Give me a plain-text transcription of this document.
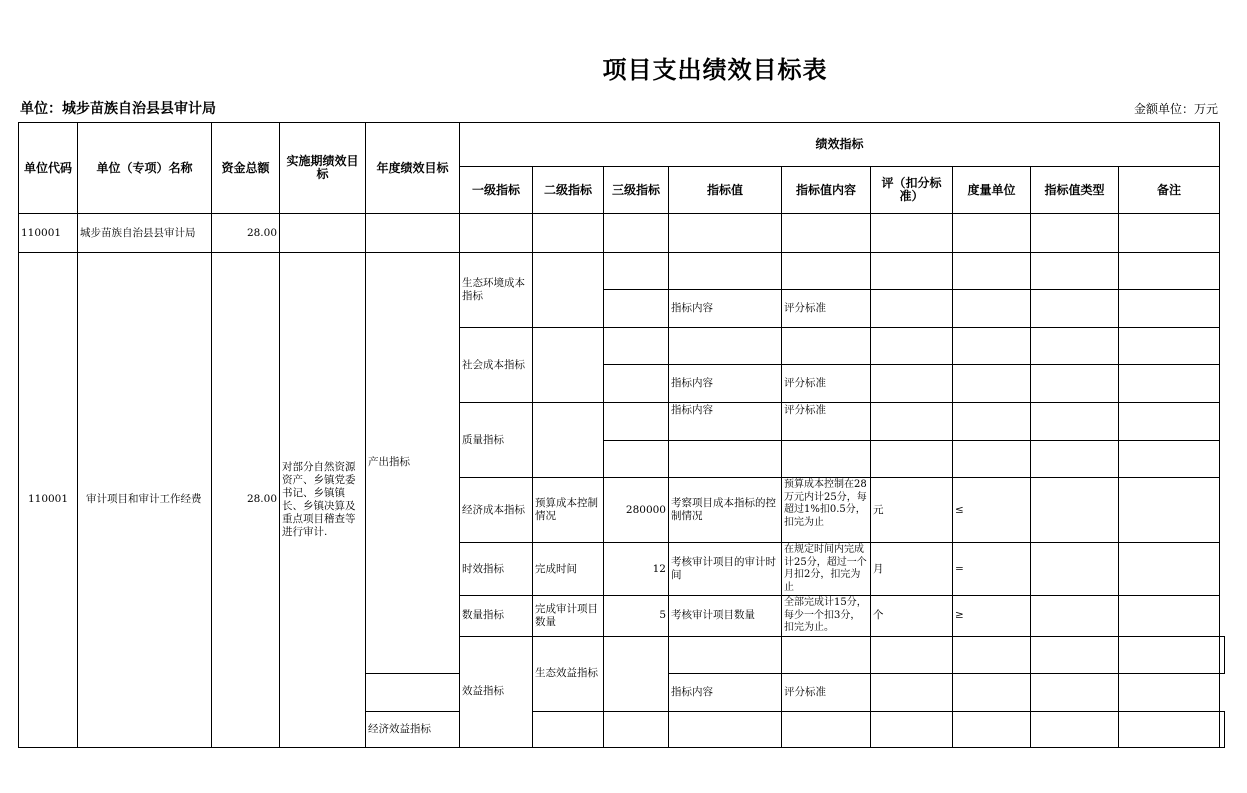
项目支出绩效目标表
单位：城步苗族自治县县审计局	金额单位：万元
单位代码	单位（专项）名称	资金总额	实施期绩效目标	年度绩效目标	绩效指标									
					一级指标	二级指标	三级指标	指标值	指标值内容	评（扣分标准）	度量单位	指标值类型	备注	
110001	城步苗族自治县县审计局	28.00												
110001	审计项目和审计工作经费	28.00	对部分自然资源资产、乡镇党委书记、乡镇镇长、乡镇决算及重点项目稽查等进行审计.	产出指标	生态环境成本指标									
								指标内容	评分标准					
					社会成本指标									
								指标内容	评分标准					
					质量指标			指标内容	评分标准					

					经济成本指标	预算成本控制情况	280000	考察项目成本指标的控制情况	预算成本控制在28万元内计25分，每超过1%扣0.5分，扣完为止	元	≤			
					时效指标	完成时间	12	考核审计项目的审计时间	在规定时间内完成计25分，超过一个月扣2分，扣完为止	月	=			
					数量指标	完成审计项目数量	5	考核审计项目数量	全部完成计15分，每少一个扣3分，扣完为止。	个	≥			
					效益指标	生态效益指标								
								指标内容	评分标准					
				经济效益指标										
